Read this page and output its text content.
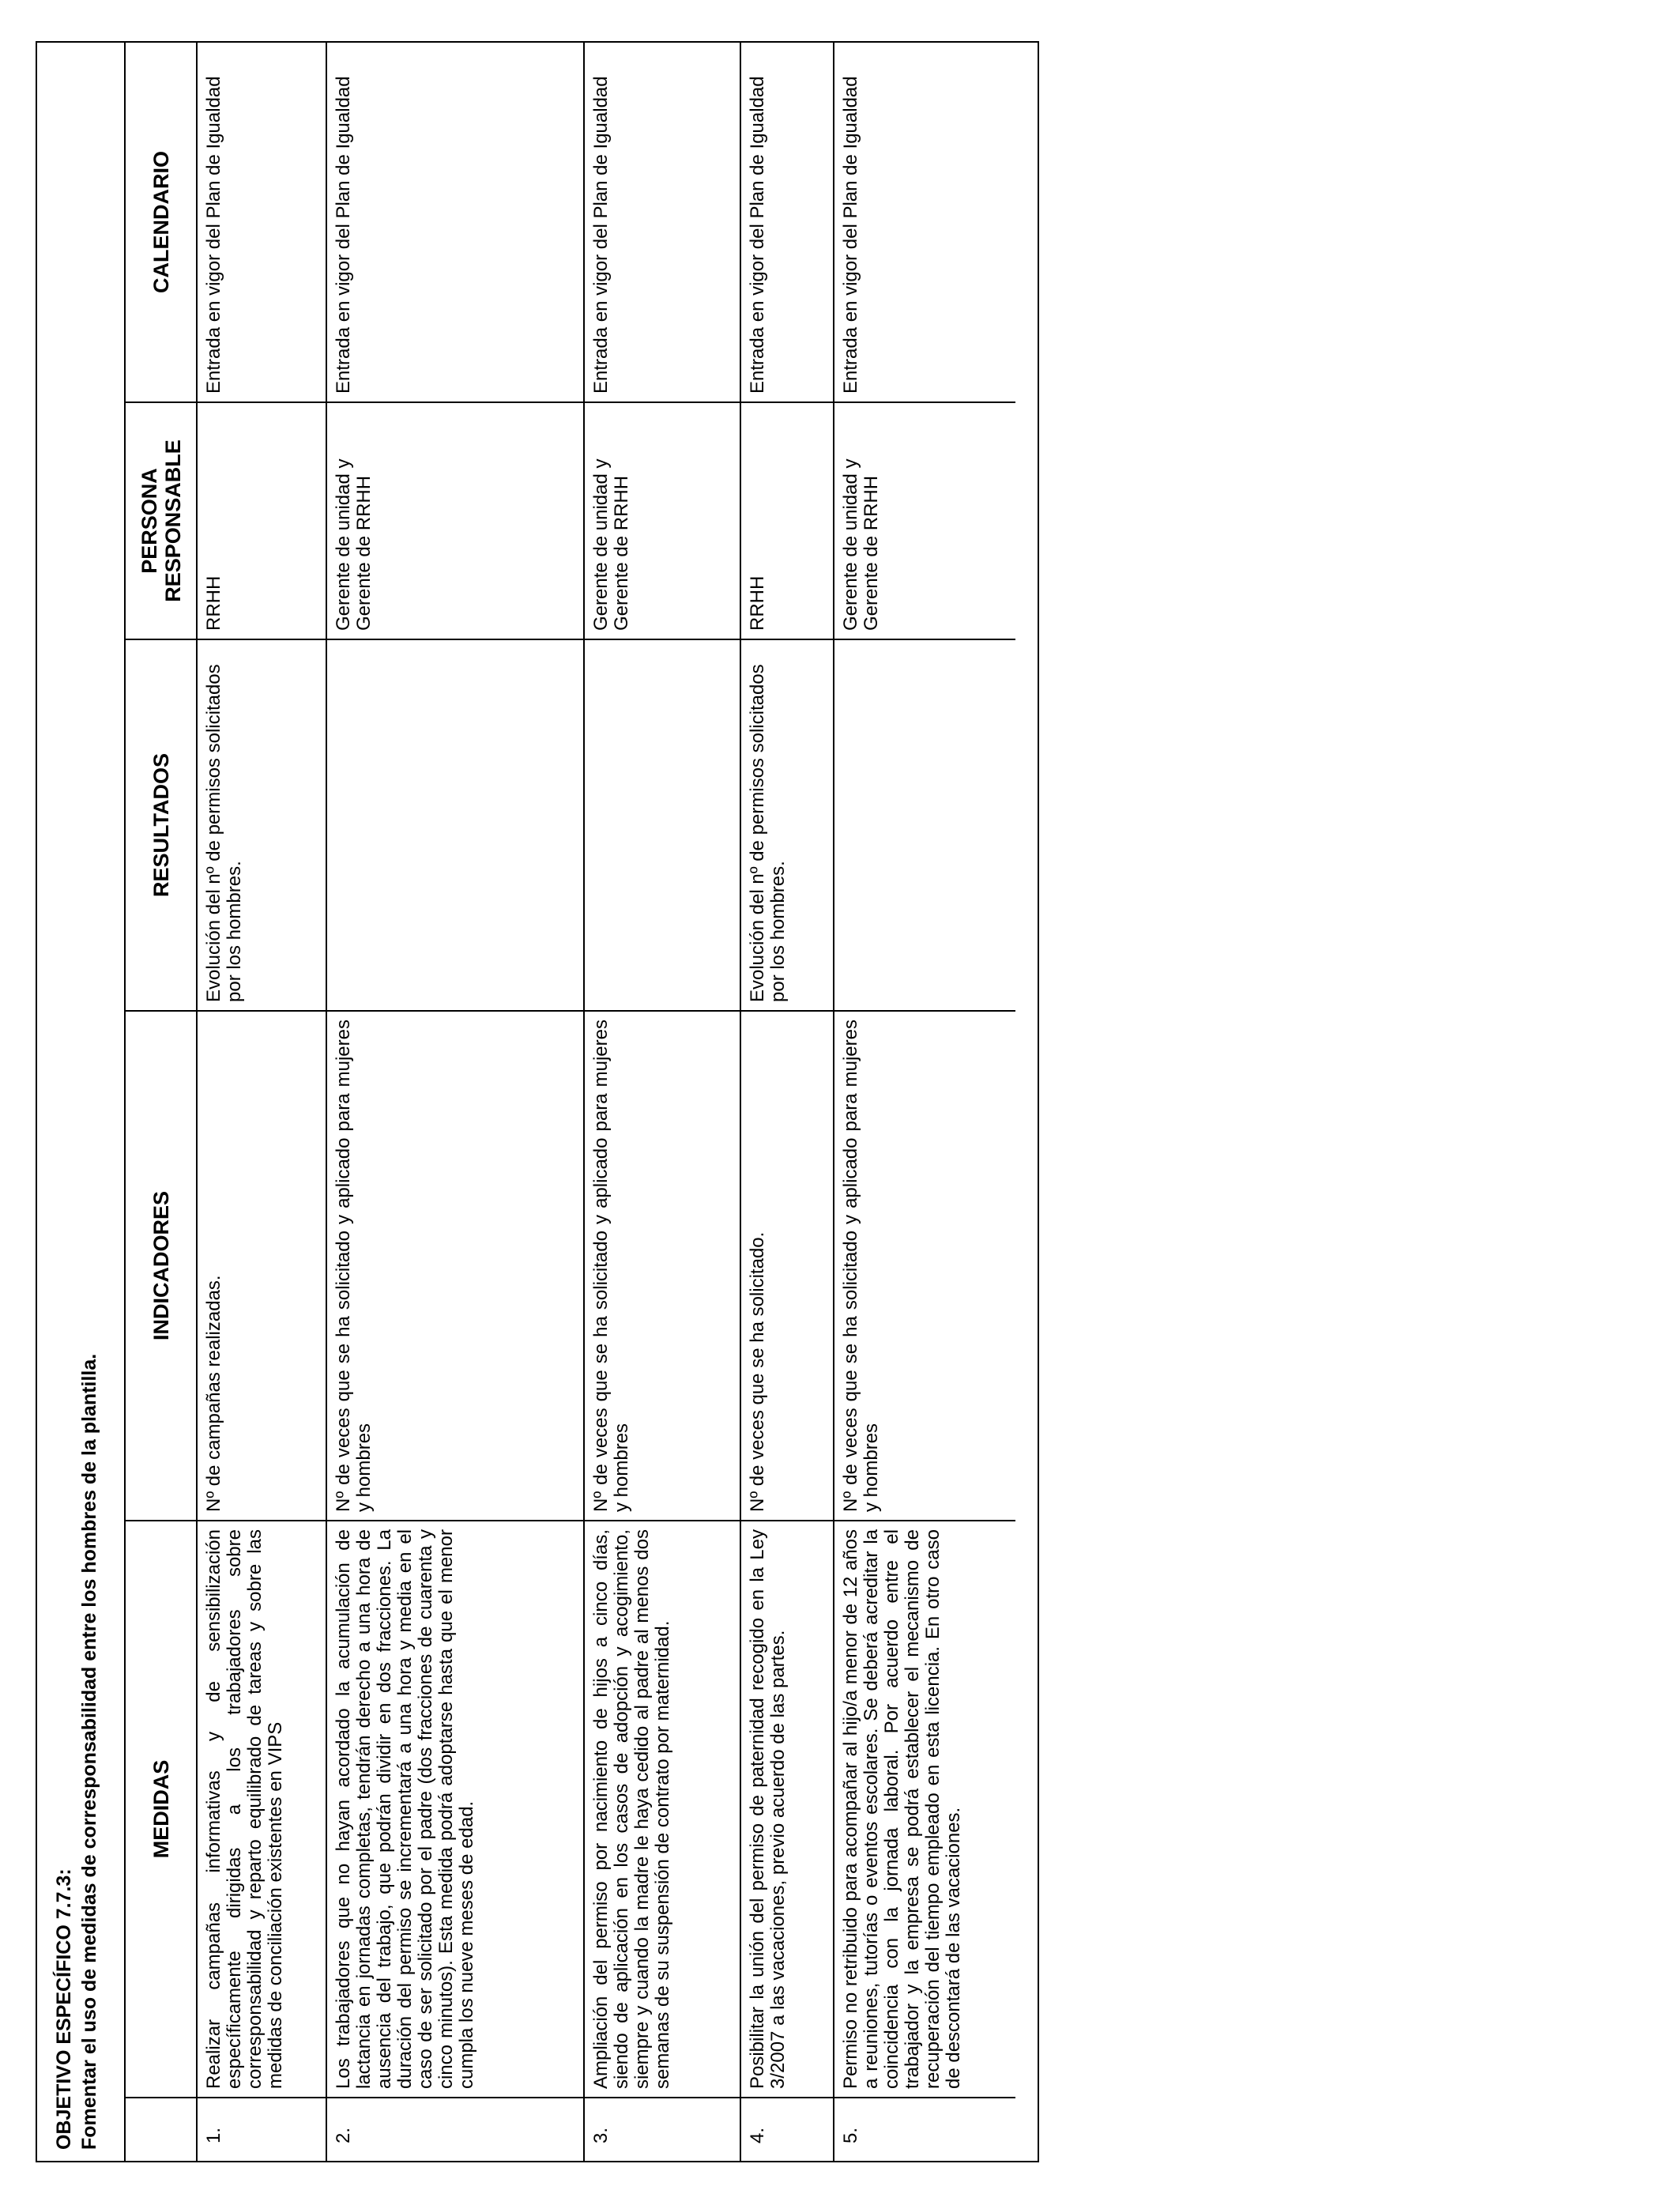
OBJETIVO ESPECÍFICO 7.7.3: Fomentar el uso de medidas de corresponsabilidad entre los hombres de la plantilla.
	MEDIDAS	INDICADORES	RESULTADOS	PERSONA RESPONSABLE	CALENDARIO
1.	Realizar campañas informativas y de sensibilización específicamente dirigidas a los trabajadores sobre corresponsabilidad y reparto equilibrado de tareas y sobre las medidas de conciliación existentes en VIPS	Nº de campañas realizadas.	Evolución del nº de permisos solicitados por los hombres.	RRHH	Entrada en vigor del Plan de Igualdad
2.	Los trabajadores que no hayan acordado la acumulación de lactancia en jornadas completas, tendrán derecho a una hora de ausencia del trabajo, que podrán dividir en dos fracciones. La duración del permiso se incrementará a una hora y media en el caso de ser solicitado por el padre (dos fracciones de cuarenta y cinco minutos). Esta medida podrá adoptarse hasta que el menor cumpla los nueve meses de edad.	Nº de veces que se ha solicitado y aplicado para mujeres y hombres		Gerente de unidad y Gerente de RRHH	Entrada en vigor del Plan de Igualdad
3.	Ampliación del permiso por nacimiento de hijos a cinco días, siendo de aplicación en los casos de adopción y acogimiento, siempre y cuando la madre le haya cedido al padre al menos dos semanas de su suspensión de contrato por maternidad.	Nº de veces que se ha solicitado y aplicado para mujeres y hombres		Gerente de unidad y Gerente de RRHH	Entrada en vigor del Plan de Igualdad
4.	Posibilitar la unión del permiso de paternidad recogido en la Ley 3/2007 a las vacaciones, previo acuerdo de las partes.	Nº de veces que se ha solicitado.	Evolución del nº de permisos solicitados por los hombres.	RRHH	Entrada en vigor del Plan de Igualdad
5.	Permiso no retribuido para acompañar al hijo/a menor de 12 años a reuniones, tutorías o eventos escolares. Se deberá acreditar la coincidencia con la jornada laboral. Por acuerdo entre el trabajador y la empresa se podrá establecer el mecanismo de recuperación del tiempo empleado en esta licencia. En otro caso de descontará de las vacaciones.	Nº de veces que se ha solicitado y aplicado para mujeres y hombres		Gerente de unidad y Gerente de RRHH	Entrada en vigor del Plan de Igualdad
